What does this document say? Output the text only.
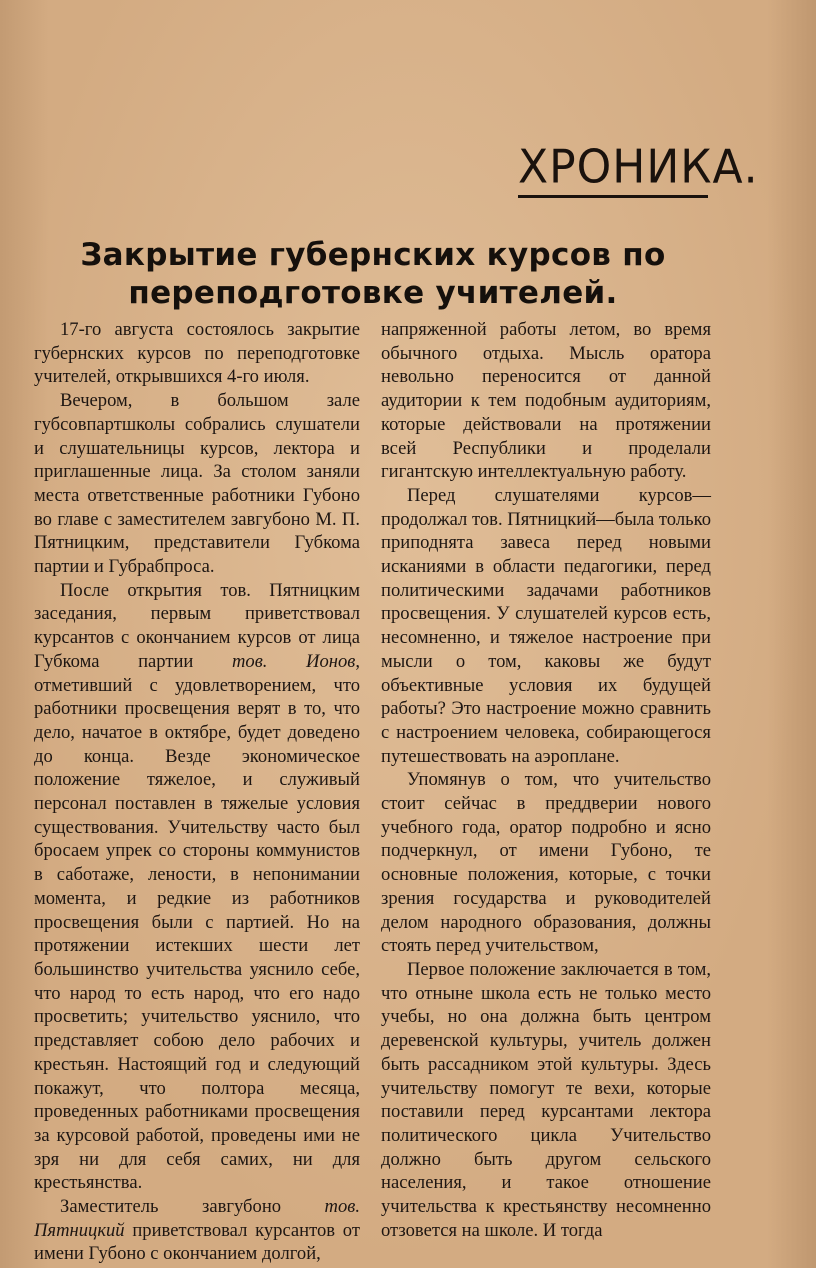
ХРОНИКА.
Закрытие губернских курсов по переподготовке учителей.

17-го августа состоялось закрытие губернских курсов по переподготовке учителей, открывшихся 4-го июля.

Вечером, в большом зале губсовпартшколы собрались слушатели и слушательницы курсов, лектора и приглашенные лица. За столом заняли места ответственные работники Губоно во главе с заместителем завгубоно М. П. Пятницким, представители Губкома партии и Губрабпроса.

После открытия тов. Пятницким заседания, первым приветствовал курсантов с окончанием курсов от лица Губкома партии тов. Ионов, отметивший с удовлетворением, что работники просвещения верят в то, что дело, начатое в октябре, будет доведено до конца. Везде экономическое положение тяжелое, и служивый персонал поставлен в тяжелые условия существования. Учительству часто был бросаем упрек со стороны коммунистов в саботаже, лености, в непонимании момента, и редкие из работников просвещения были с партией. Но на протяжении истекших шести лет большинство учительства уяснило себе, что народ то есть народ, что его надо просветить; учительство уяснило, что представляет собою дело рабочих и крестьян. Настоящий год и следующий покажут, что полтора месяца, проведенных работниками просвещения за курсовой работой, проведены ими не зря ни для себя самих, ни для крестьянства.

Заместитель завгубоно тов. Пятницкий приветствовал курсантов от имени Губоно с окончанием долгой,

напряженной работы летом, во время обычного отдыха. Мысль оратора невольно переносится от данной аудитории к тем подобным аудиториям, которые действовали на протяжении всей Республики и проделали гигантскую интеллектуальную работу.

Перед слушателями курсов— продолжал тов. Пятницкий—была только приподнята завеса перед новыми исканиями в области педагогики, перед политическими задачами работников просвещения. У слушателей курсов есть, несомненно, и тяжелое настроение при мысли о том, каковы же будут объективные условия их будущей работы? Это настроение можно сравнить с настроением человека, собирающегося путешествовать на аэроплане.

Упомянув о том, что учительство стоит сейчас в преддверии нового учебного года, оратор подробно и ясно подчеркнул, от имени Губоно, те основные положения, которые, с точки зрения государства и руководителей делом народного образования, должны стоять перед учительством,

Первое положение заключается в том, что отныне школа есть не только место учебы, но она должна быть центром деревенской культуры, учитель должен быть рассадником этой культуры. Здесь учительству помогут те вехи, которые поставили перед курсантами лектора политического цикла Учительство должно быть другом сельского населения, и такое отношение учительства к крестьянству несомненно отзовется на школе. И тогда
